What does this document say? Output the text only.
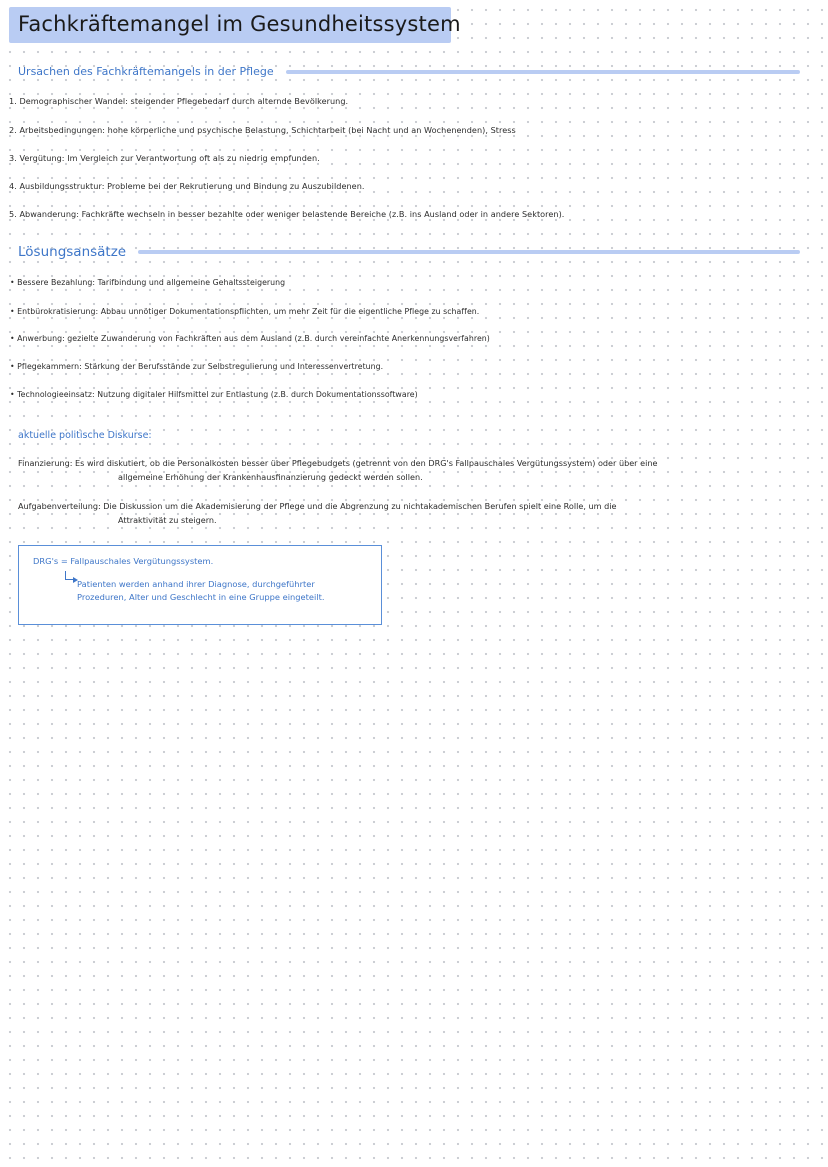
Fachkräftemangel im Gesundheitssystem
Ursachen des Fachkräftemangels in der Pflege
1. Demographischer Wandel: steigender Pflegebedarf durch alternde Bevölkerung.
2. Arbeitsbedingungen: hohe körperliche und psychische Belastung, Schichtarbeit (bei Nacht und an Wochenenden), Stress
3. Vergütung: Im Vergleich zur Verantwortung oft als zu niedrig empfunden.
4. Ausbildungsstruktur: Probleme bei der Rekrutierung und Bindung zu Auszubildenen.
5. Abwanderung: Fachkräfte wechseln in besser bezahlte oder weniger belastende Bereiche (z.B. ins Ausland oder in andere Sektoren).
Lösungsansätze
• Bessere Bezahlung: Tarifbindung und allgemeine Gehaltssteigerung
• Entbürokratisierung: Abbau unnötiger Dokumentationspflichten, um mehr Zeit für die eigentliche Pflege zu schaffen.
• Anwerbung: gezielte Zuwanderung von Fachkräften aus dem Ausland (z.B. durch vereinfachte Anerkennungsverfahren)
• Pflegekammern: Stärkung der Berufsstände zur Selbstregulierung und Interessenvertretung.
• Technologieeinsatz: Nutzung digitaler Hilfsmittel zur Entlastung (z.B. durch Dokumentationssoftware)
aktuelle politische Diskurse:
Finanzierung: Es wird diskutiert, ob die Personalkosten besser über Pflegebudgets (getrennt von den DRG's Fallpauschales Vergütungssystem) oder über eine
allgemeine Erhöhung der Krankenhausfinanzierung gedeckt werden sollen.
Aufgabenverteilung: Die Diskussion um die Akademisierung der Pflege und die Abgrenzung zu nichtakademischen Berufen spielt eine Rolle, um die
Attraktivität zu steigern.
DRG's = Fallpauschales Vergütungssystem.
Patienten werden anhand ihrer Diagnose, durchgeführter
Prozeduren, Alter und Geschlecht in eine Gruppe eingeteilt.
